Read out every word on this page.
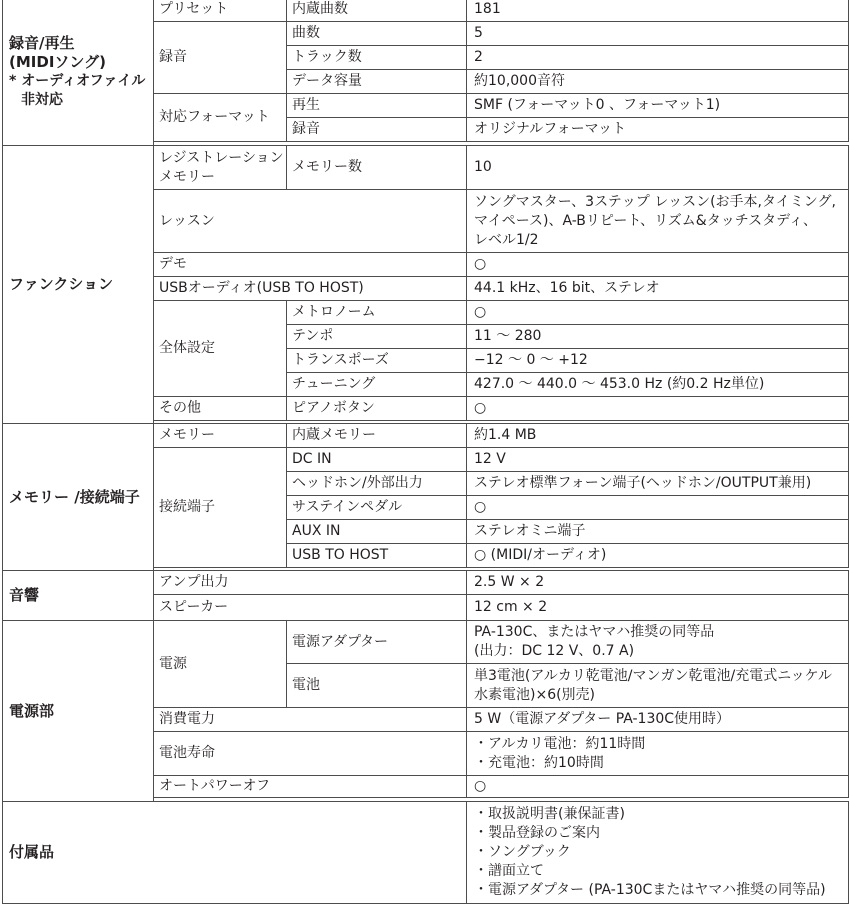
録音/再生
(MIDIソング)
* オーディオファイル
非対応	プリセット	内蔵曲数	181
	録音	曲数	5
		トラック数	2
		データ容量	約10,000音符
	対応フォーマット	再生	SMF (フォーマット0 、フォーマット1)
		録音	オリジナルフォーマット

ファンクション	レジストレーション
メモリー	メモリー数	10
	レッスン		ソングマスター、3ステップ レッスン(お手本,タイミング,
マイペース)、A-Bリピート、リズム&タッチスタディ、
レベル1/2

	デモ		○
	USBオーディオ(USB TO HOST)		44.1 kHz、16 bit、ステレオ
	全体設定	メトロノーム	○
		テンポ	11 〜 280
		トランスポーズ	−12 〜 0 〜 +12
		チューニング	427.0 〜 440.0 〜 453.0 Hz (約0.2 Hz単位)
	その他	ピアノボタン	○

メモリー /接続端子	メモリー	内蔵メモリー	約1.4 MB
	接続端子	DC IN	12 V
		ヘッドホン/外部出力	ステレオ標準フォーン端子(ヘッドホン/OUTPUT兼用)
		サステインペダル	○
		AUX IN	ステレオミニ端子
		USB TO HOST	○ (MIDI/オーディオ)

音響	アンプ出力		2.5 W × 2
	スピーカー		12 cm × 2
電源部	電源	電源アダプター	PA-130C、またはヤマハ推奨の同等品
(出力：DC 12 V、0.7 A)

		電池	単3電池(アルカリ乾電池/マンガン乾電池/充電式ニッケル
水素電池)×6(別売)

	消費電力		5 W（電源アダプター PA-130C使用時）
	電池寿命		・アルカリ電池：約11時間
・充電池：約10時間

	オートパワーオフ		○

付属品			・取扱説明書(兼保証書)
・製品登録のご案内
・ソングブック
・譜面立て
・電源アダプター (PA-130Cまたはヤマハ推奨の同等品)
